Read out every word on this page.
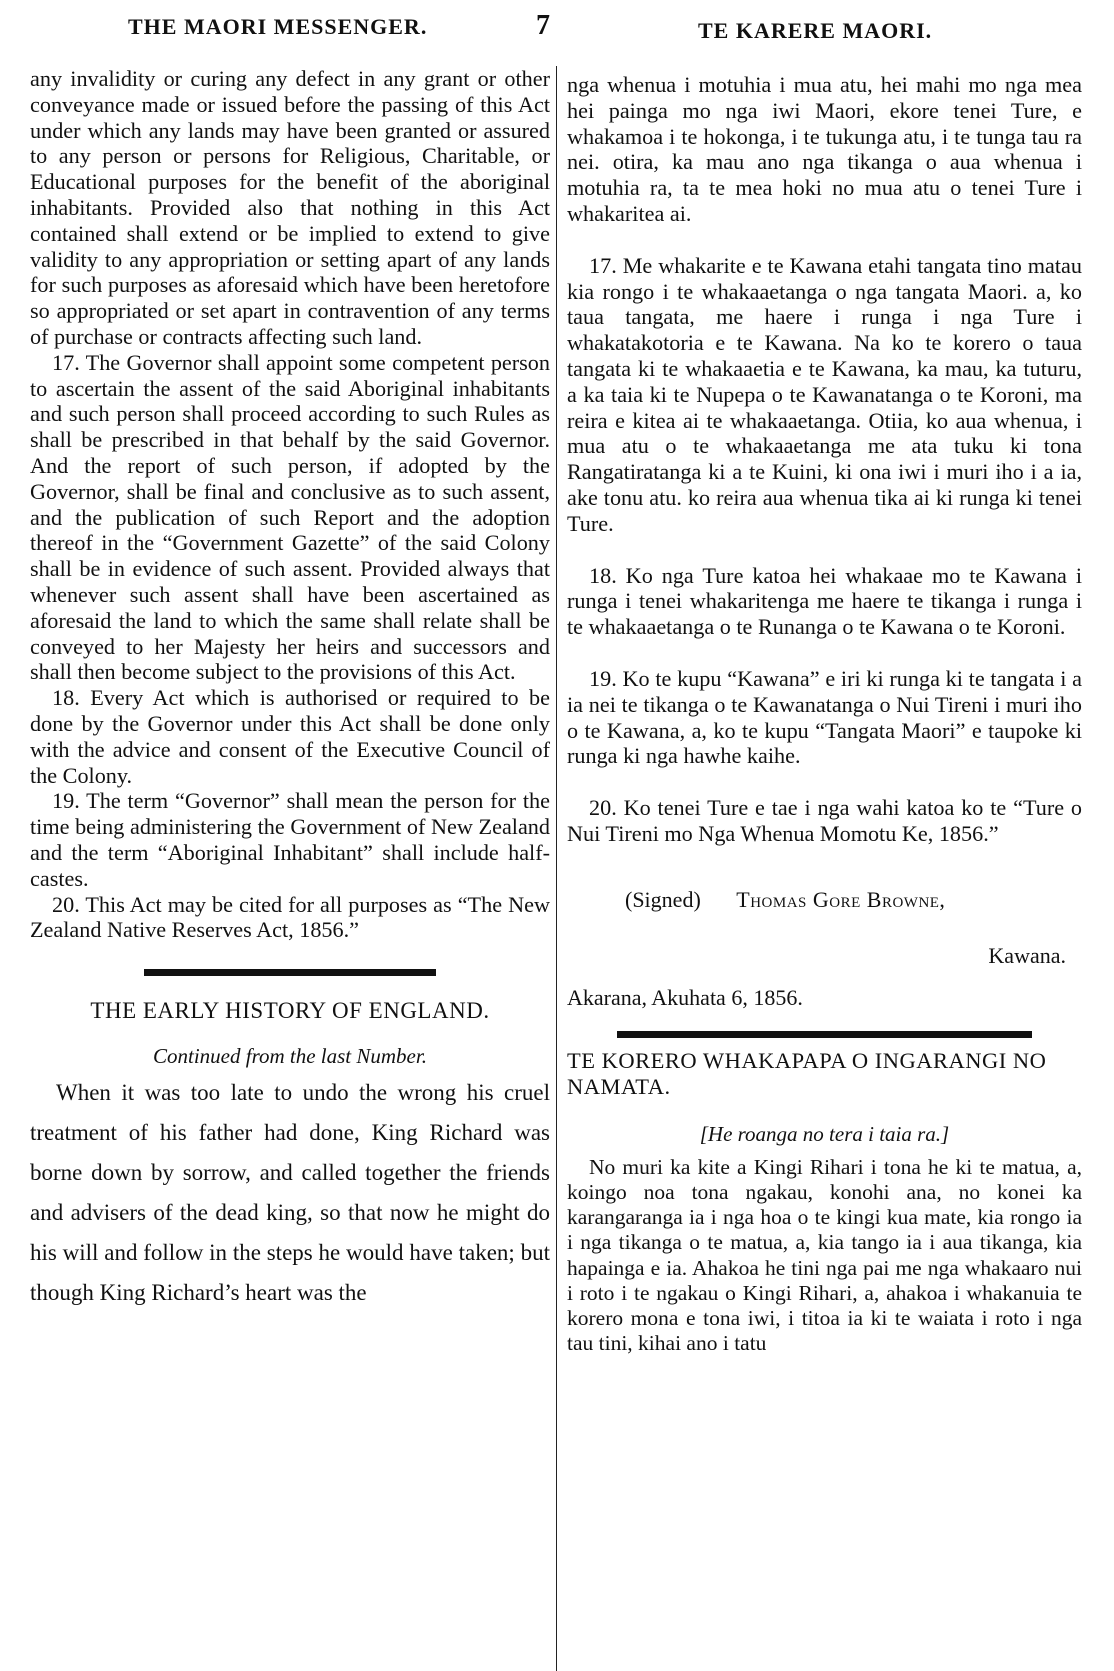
THE MAORI MESSENGER.	7	TE KARERE MAORI.

any invalidity or curing any defect in any grant or other conveyance made or issued before the passing of this Act under which any lands may have been granted or assured to any person or persons for Religious, Charitable, or Educational purposes for the benefit of the aboriginal inhabitants. Provided also that nothing in this Act contained shall extend or be implied to extend to give validity to any appropriation or setting apart of any lands for such purposes as aforesaid which have been heretofore so appropriated or set apart in contravention of any terms of purchase or contracts affecting such land.

17. The Governor shall appoint some competent person to ascertain the assent of the said Aboriginal inhabitants and such person shall proceed according to such Rules as shall be prescribed in that behalf by the said Governor. And the report of such person, if adopted by the Governor, shall be final and conclusive as to such assent, and the publication of such Report and the adoption thereof in the “Government Gazette” of the said Colony shall be in evidence of such assent. Provided always that whenever such assent shall have been ascertained as aforesaid the land to which the same shall relate shall be conveyed to her Majesty her heirs and successors and shall then become subject to the provisions of this Act.

18. Every Act which is authorised or required to be done by the Governor under this Act shall be done only with the advice and consent of the Executive Council of the Colony.

19. The term “Governor” shall mean the person for the time being administering the Government of New Zealand and the term “Aboriginal Inhabitant” shall include half-castes.

20. This Act may be cited for all purposes as “The New Zealand Native Reserves Act, 1856.”

THE EARLY HISTORY OF ENGLAND.

Continued from the last Number.

When it was too late to undo the wrong his cruel treatment of his father had done, King Richard was borne down by sorrow, and called together the friends and advisers of the dead king, so that now he might do his will and follow in the steps he would have taken; but though King Richard’s heart was the

nga whenua i motuhia i mua atu, hei mahi mo nga mea hei painga mo nga iwi Maori, ekore tenei Ture, e whakamoa i te hokonga, i te tukunga atu, i te tunga tau ra nei. otira, ka mau ano nga tikanga o aua whenua i motuhia ra, ta te mea hoki no mua atu o tenei Ture i whakaritea ai.

17. Me whakarite e te Kawana etahi tangata tino matau kia rongo i te whakaaetanga o nga tangata Maori. a, ko taua tangata, me haere i runga i nga Ture i whakatakotoria e te Kawana. Na ko te korero o taua tangata ki te whakaaetia e te Kawana, ka mau, ka tuturu, a ka taia ki te Nupepa o te Kawanatanga o te Koroni, ma reira e kitea ai te whakaaetanga. Otiia, ko aua whenua, i mua atu o te whakaaetanga me ata tuku ki tona Rangatiratanga ki a te Kuini, ki ona iwi i muri iho i a ia, ake tonu atu. ko reira aua whenua tika ai ki runga ki tenei Ture.

18. Ko nga Ture katoa hei whakaae mo te Kawana i runga i tenei whakaritenga me haere te tikanga i runga i te whakaaetanga o te Runanga o te Kawana o te Koroni.

19. Ko te kupu “Kawana” e iri ki runga ki te tangata i a ia nei te tikanga o te Kawanatanga o Nui Tireni i muri iho o te Kawana, a, ko te kupu “Tangata Maori” e taupoke ki runga ki nga hawhe kaihe.

20. Ko tenei Ture e tae i nga wahi katoa ko te “Ture o Nui Tireni mo Nga Whenua Momotu Ke, 1856.”

(Signed) Thomas Gore Browne,
Kawana.
Akarana, Akuhata 6, 1856.

TE KORERO WHAKAPAPA O INGARANGI NO NAMATA.

[He roanga no tera i taia ra.]

No muri ka kite a Kingi Rihari i tona he ki te matua, a, koingo noa tona ngakau, konohi ana, no konei ka karangaranga ia i nga hoa o te kingi kua mate, kia rongo ia i nga tikanga o te matua, a, kia tango ia i aua tikanga, kia hapainga e ia. Ahakoa he tini nga pai me nga whakaaro nui i roto i te ngakau o Kingi Rihari, a, ahakoa i whakanuia te korero mona e tona iwi, i titoa ia ki te waiata i roto i nga tau tini, kihai ano i tatu
